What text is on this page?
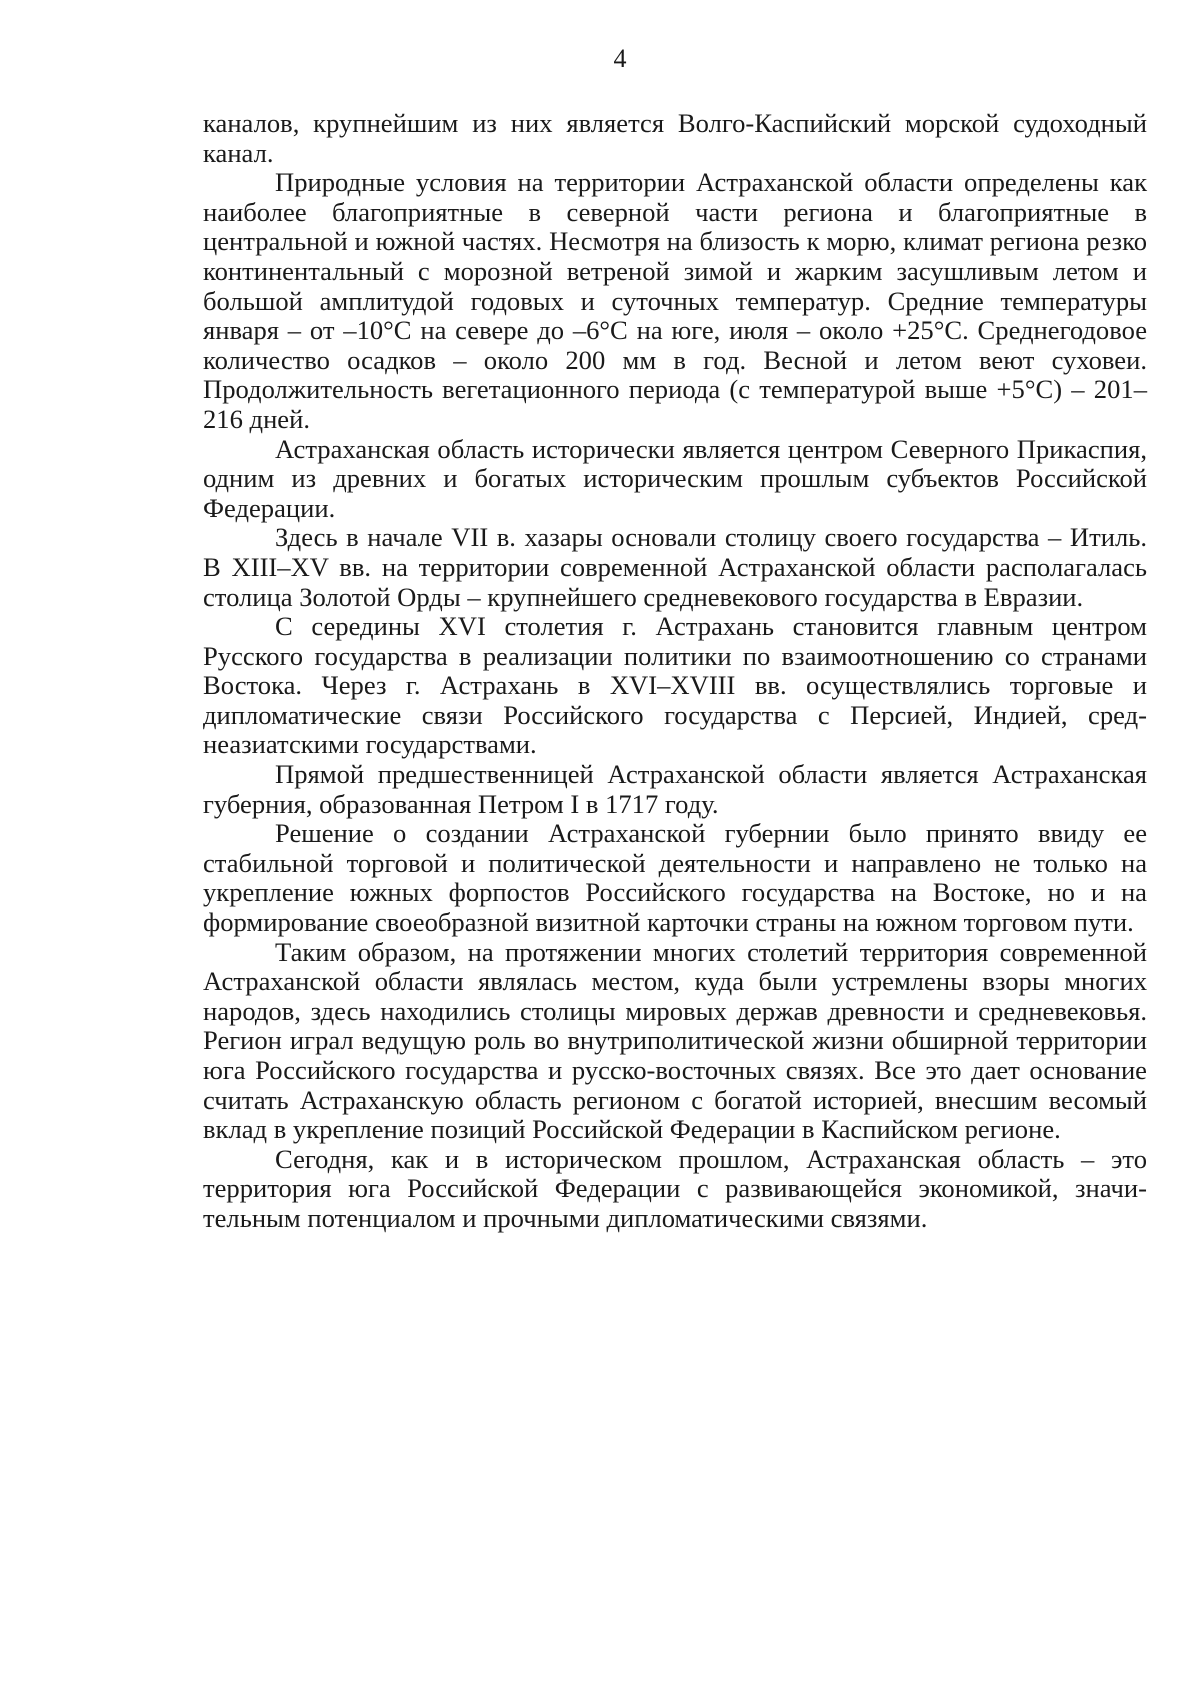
4

каналов, крупнейшим из них является Волго-Каспийский морской судоходный канал.

Природные условия на территории Астраханской области определены как наиболее благоприятные в северной части региона и благоприятные в центральной и южной частях. Несмотря на близость к морю, климат региона резко континентальный с морозной ветреной зимой и жарким засушливым летом и большой амплитудой годовых и суточных температур. Средние температуры января – от –10°С на севере до –6°С на юге, июля – около +25°С. Среднегодовое количество осадков – около 200 мм в год. Весной и летом веют суховеи. Продолжительность вегетационного периода (с температурой выше +5°С) – 201–216 дней.

Астраханская область исторически является центром Северного Прикаспия, одним из древних и богатых историческим прошлым субъектов Российской Федерации.

Здесь в начале VII в. хазары основали столицу своего государства – Итиль. В XIII–XV вв. на территории современной Астраханской области располагалась столица Золотой Орды – крупнейшего средневекового государства в Евразии.

С середины XVI столетия г. Астрахань становится главным центром Русского государства в реализации политики по взаимоотношению со странами Востока. Через г. Астрахань в XVI–XVIII вв. осуществлялись торговые и дипломатические связи Российского государства с Персией, Индией, среднеазиатскими государствами.

Прямой предшественницей Астраханской области является Астраханская губерния, образованная Петром I в 1717 году.

Решение о создании Астраханской губернии было принято ввиду ее стабильной торговой и политической деятельности и направлено не только на укрепление южных форпостов Российского государства на Востоке, но и на формирование своеобразной визитной карточки страны на южном торговом пути.

Таким образом, на протяжении многих столетий территория современной Астраханской области являлась местом, куда были устремлены взоры многих народов, здесь находились столицы мировых держав древности и средневековья. Регион играл ведущую роль во внутриполитической жизни обширной территории юга Российского государства и русско-восточных связях. Все это дает основание считать Астраханскую область регионом с богатой историей, внесшим весомый вклад в укрепление позиций Российской Федерации в Каспийском регионе.

Сегодня, как и в историческом прошлом, Астраханская область – это территория юга Российской Федерации с развивающейся экономикой, значительным потенциалом и прочными дипломатическими связями.
